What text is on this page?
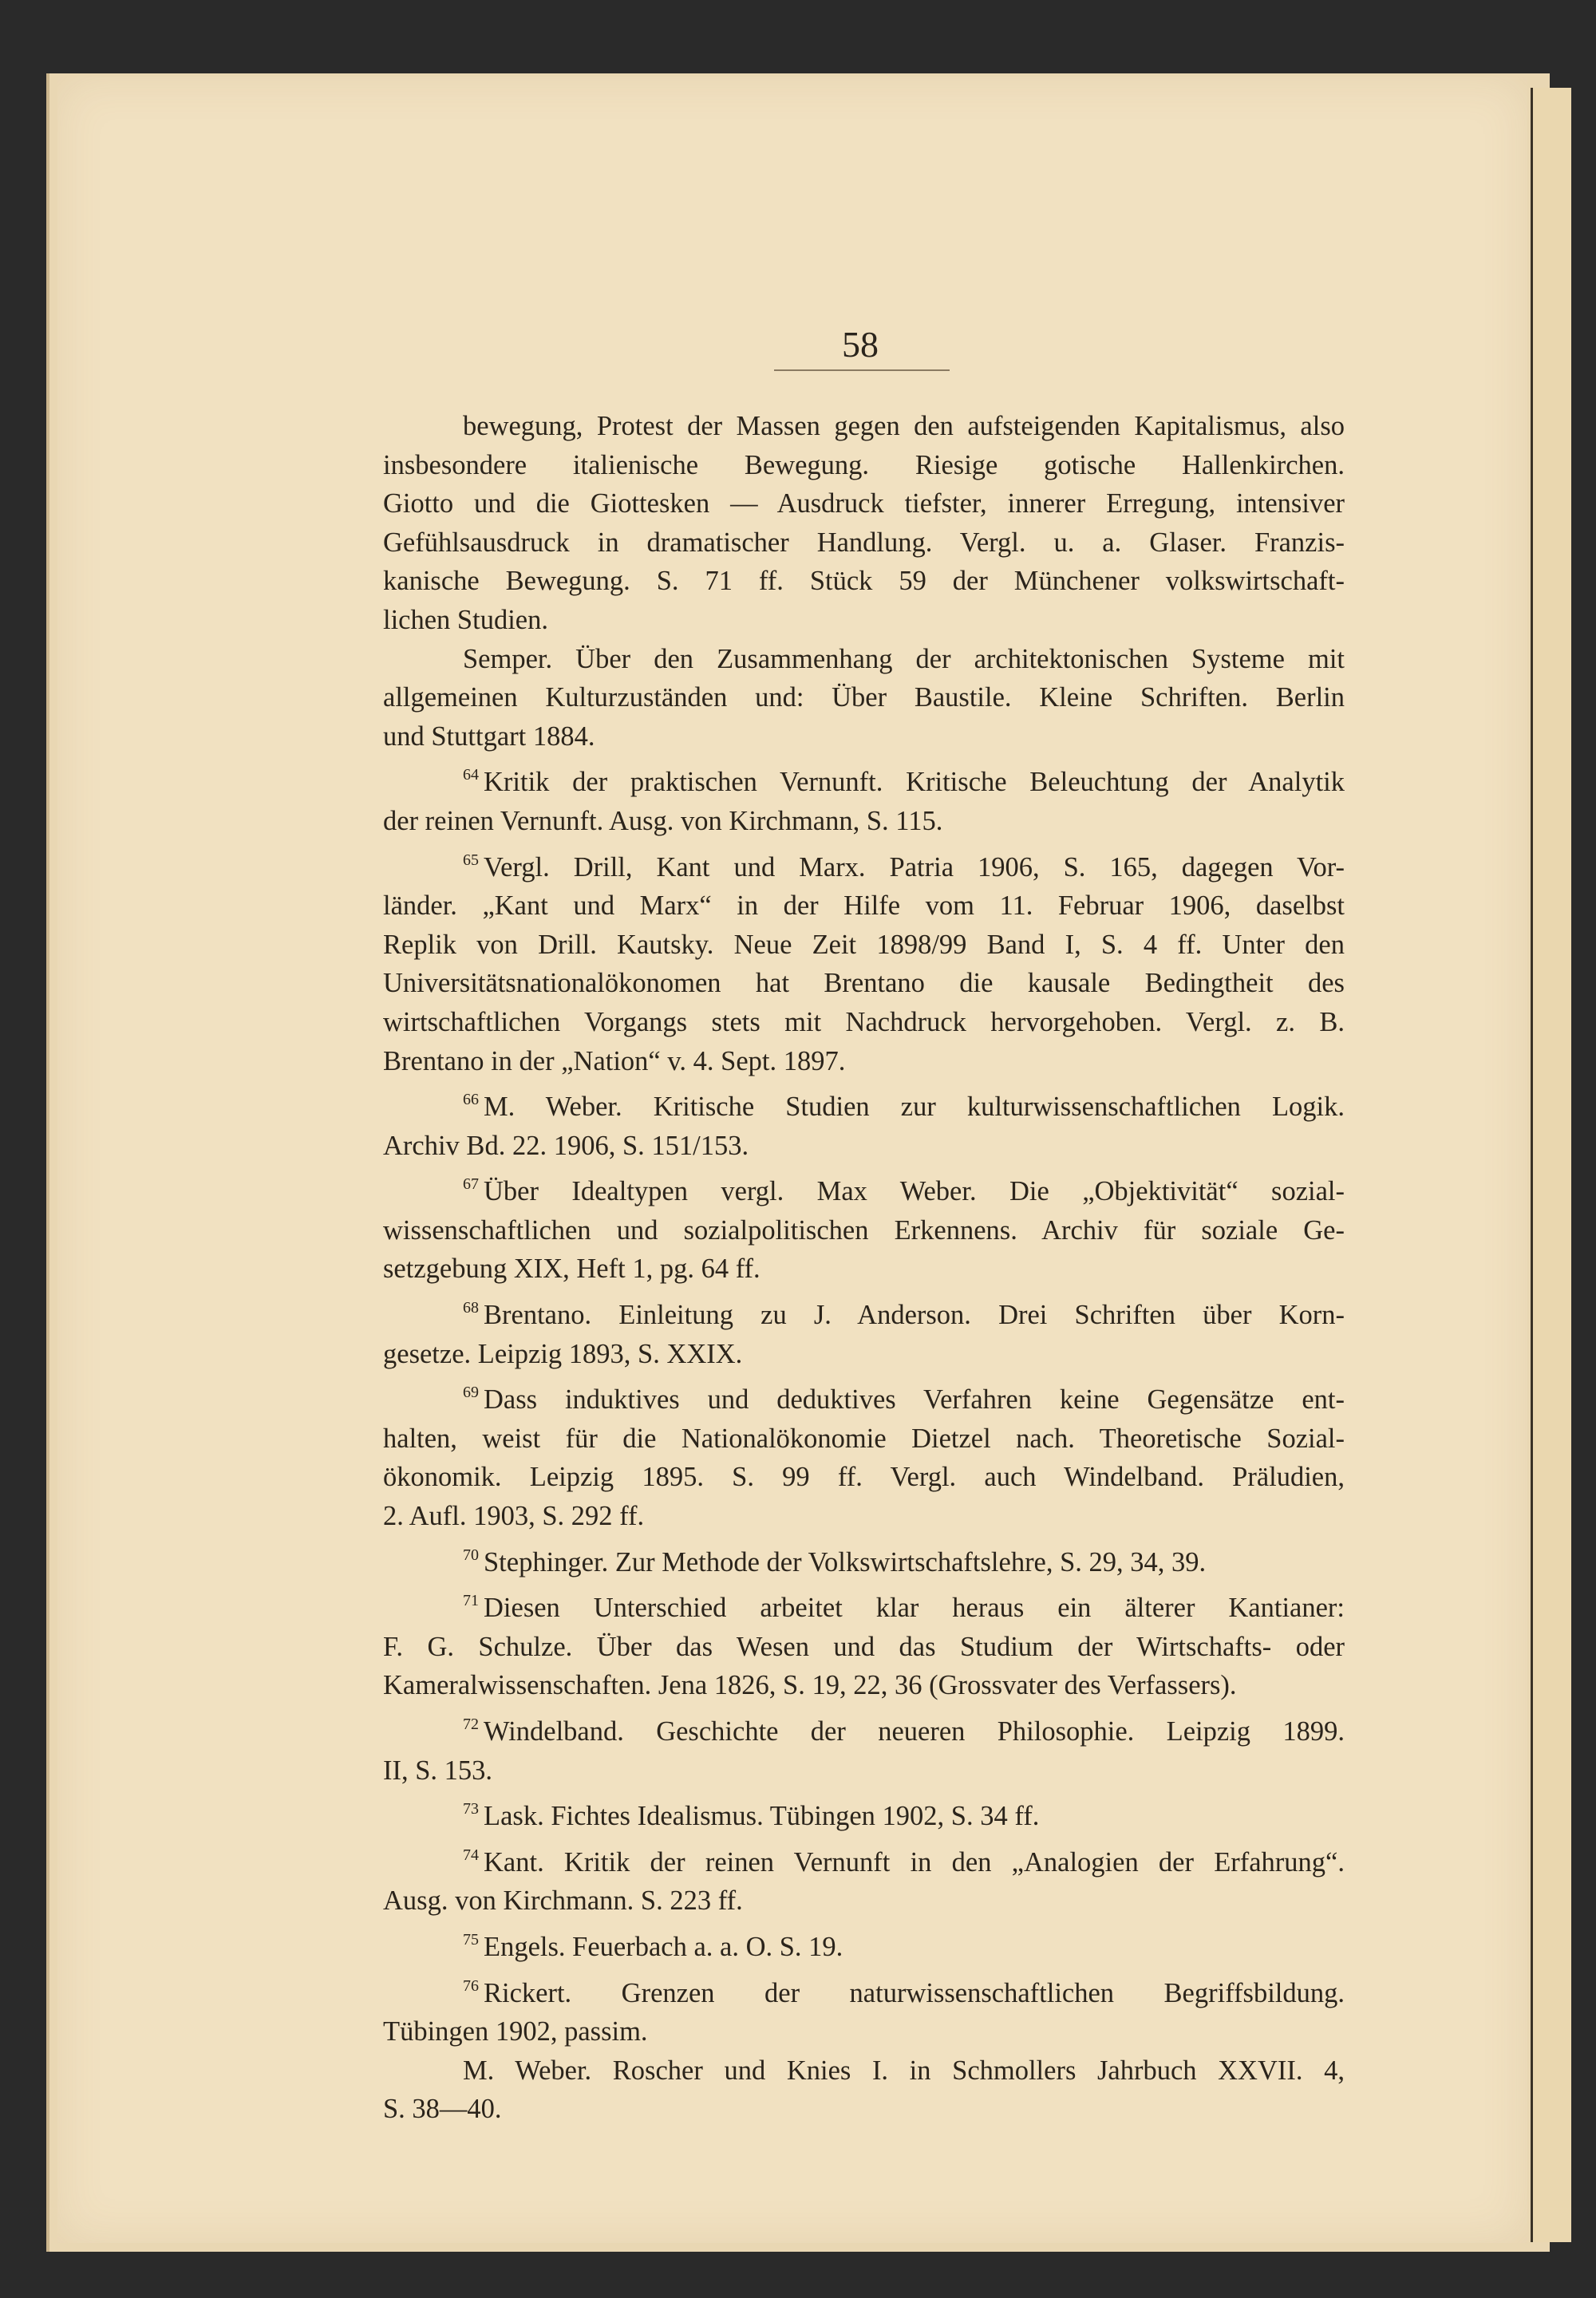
58
bewegung, Protest der Massen gegen den aufsteigenden Kapitalismus, also
insbesondere italienische Bewegung. Riesige gotische Hallenkirchen.
Giotto und die Giottesken — Ausdruck tiefster, innerer Erregung, intensiver
Gefühlsausdruck in dramatischer Handlung. Vergl. u. a. Glaser. Franzis-
kanische Bewegung. S. 71 ff. Stück 59 der Münchener volkswirtschaft-
lichen Studien.
Semper. Über den Zusammenhang der architektonischen Systeme mit
allgemeinen Kulturzuständen und: Über Baustile. Kleine Schriften. Berlin
und Stuttgart 1884.
$^{64}$ Kritik der praktischen Vernunft. Kritische Beleuchtung der Analytik
der reinen Vernunft. Ausg. von Kirchmann, S. 115.
$^{65}$ Vergl. Drill, Kant und Marx. Patria 1906, S. 165, dagegen Vor-
länder. „Kant und Marx“ in der Hilfe vom 11. Februar 1906, daselbst
Replik von Drill. Kautsky. Neue Zeit 1898/99 Band I, S. 4 ff. Unter den
Universitätsnationalökonomen hat Brentano die kausale Bedingtheit des
wirtschaftlichen Vorgangs stets mit Nachdruck hervorgehoben. Vergl. z. B.
Brentano in der „Nation“ v. 4. Sept. 1897.
$^{66}$ M. Weber. Kritische Studien zur kulturwissenschaftlichen Logik.
Archiv Bd. 22. 1906, S. 151/153.
$^{67}$ Über Idealtypen vergl. Max Weber. Die „Objektivität“ sozial-
wissenschaftlichen und sozialpolitischen Erkennens. Archiv für soziale Ge-
setzgebung XIX, Heft 1, pg. 64 ff.
$^{68}$ Brentano. Einleitung zu J. Anderson. Drei Schriften über Korn-
gesetze. Leipzig 1893, S. XXIX.
$^{69}$ Dass induktives und deduktives Verfahren keine Gegensätze ent-
halten, weist für die Nationalökonomie Dietzel nach. Theoretische Sozial-
ökonomik. Leipzig 1895. S. 99 ff. Vergl. auch Windelband. Präludien,
2. Aufl. 1903, S. 292 ff.
$^{70}$ Stephinger. Zur Methode der Volkswirtschaftslehre, S. 29, 34, 39.
$^{71}$ Diesen Unterschied arbeitet klar heraus ein älterer Kantianer:
F. G. Schulze. Über das Wesen und das Studium der Wirtschafts- oder
Kameralwissenschaften. Jena 1826, S. 19, 22, 36 (Grossvater des Verfassers).
$^{72}$ Windelband. Geschichte der neueren Philosophie. Leipzig 1899.
II, S. 153.
$^{73}$ Lask. Fichtes Idealismus. Tübingen 1902, S. 34 ff.
$^{74}$ Kant. Kritik der reinen Vernunft in den „Analogien der Erfahrung“.
Ausg. von Kirchmann. S. 223 ff.
$^{75}$ Engels. Feuerbach a. a. O. S. 19.
$^{76}$ Rickert. Grenzen der naturwissenschaftlichen Begriffsbildung.
Tübingen 1902, passim.
M. Weber. Roscher und Knies I. in Schmollers Jahrbuch XXVII. 4,
S. 38—40.
